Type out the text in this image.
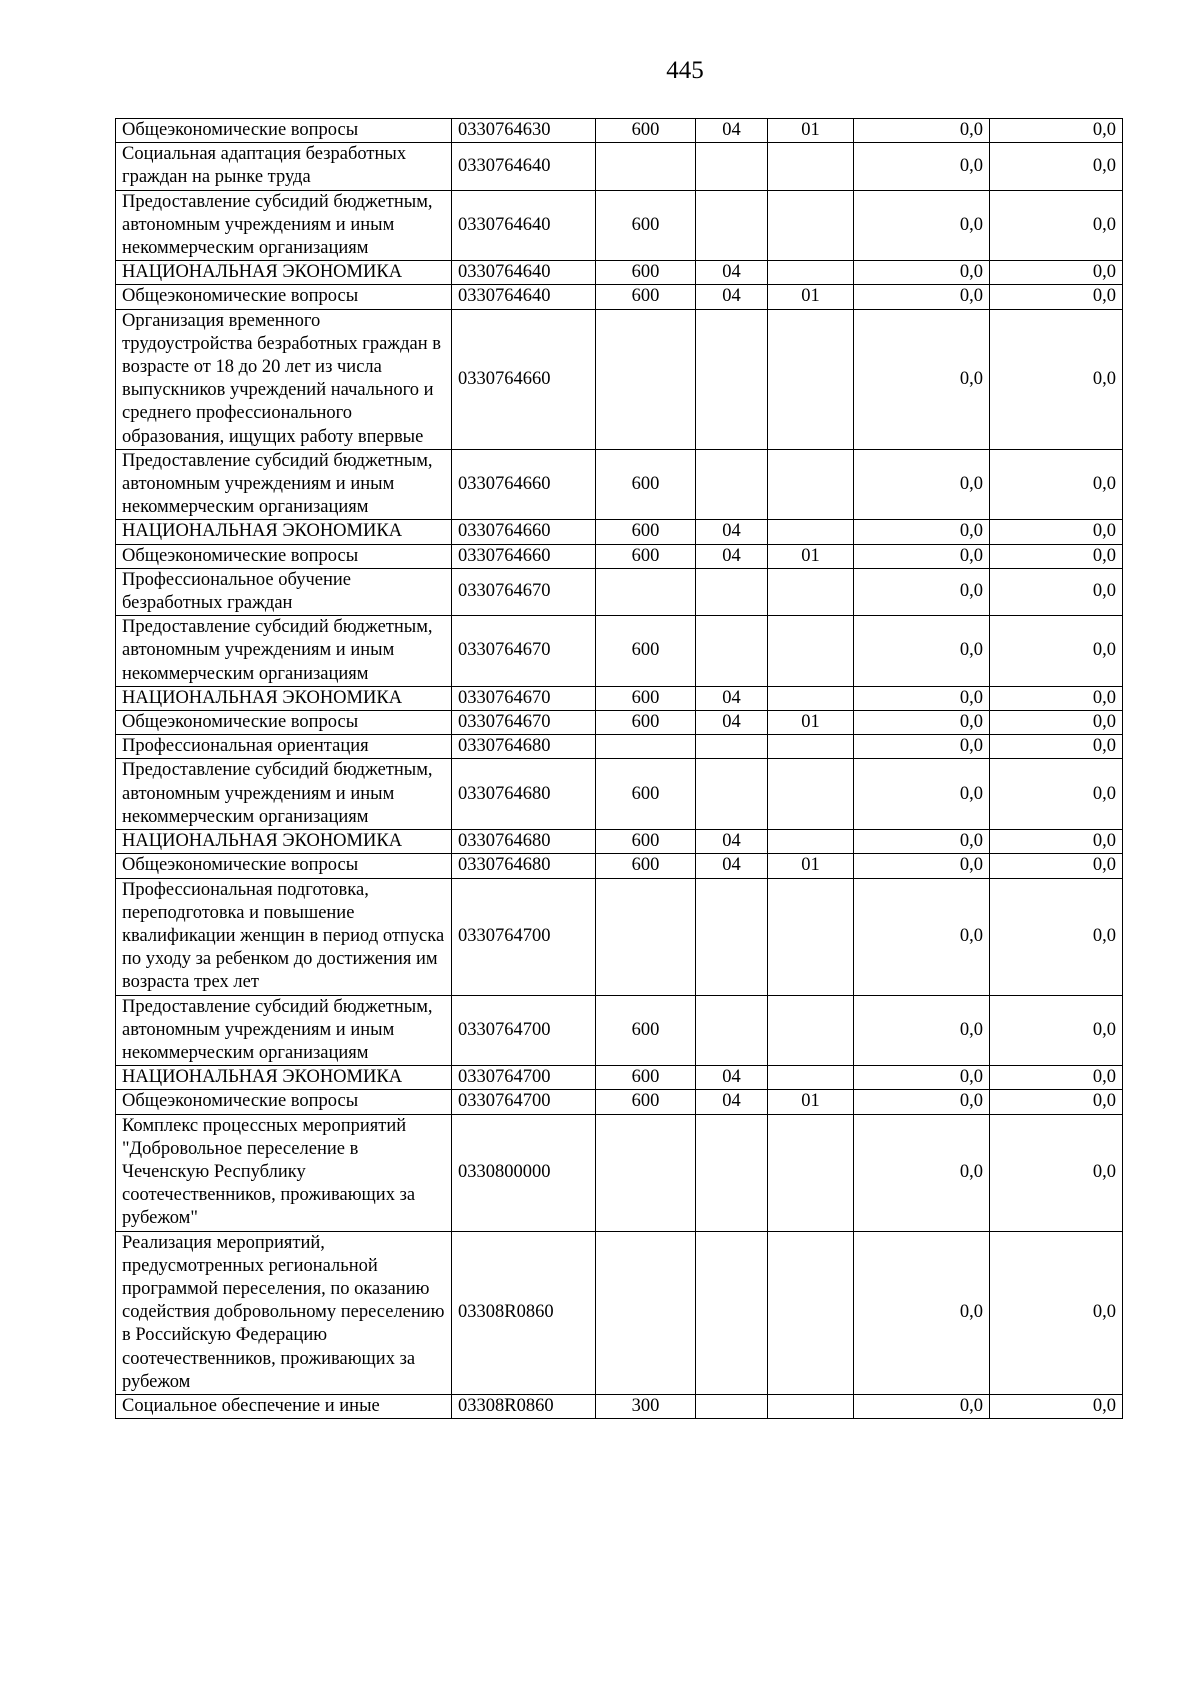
445
Общеэкономические вопросы	0330764630	600	04	01	0,0	0,0
Социальная адаптация безработных граждан на рынке труда	0330764640				0,0	0,0
Предоставление субсидий бюджетным, автономным учреждениям и иным некоммерческим организациям	0330764640	600			0,0	0,0
НАЦИОНАЛЬНАЯ ЭКОНОМИКА	0330764640	600	04		0,0	0,0
Общеэкономические вопросы	0330764640	600	04	01	0,0	0,0
Организация временного трудоустройства безработных граждан в возрасте от 18 до 20 лет из числа выпускников учреждений начального и среднего профессионального образования, ищущих работу впервые	0330764660				0,0	0,0
Предоставление субсидий бюджетным, автономным учреждениям и иным некоммерческим организациям	0330764660	600			0,0	0,0
НАЦИОНАЛЬНАЯ ЭКОНОМИКА	0330764660	600	04		0,0	0,0
Общеэкономические вопросы	0330764660	600	04	01	0,0	0,0
Профессиональное обучение безработных граждан	0330764670				0,0	0,0
Предоставление субсидий бюджетным, автономным учреждениям и иным некоммерческим организациям	0330764670	600			0,0	0,0
НАЦИОНАЛЬНАЯ ЭКОНОМИКА	0330764670	600	04		0,0	0,0
Общеэкономические вопросы	0330764670	600	04	01	0,0	0,0
Профессиональная ориентация	0330764680				0,0	0,0
Предоставление субсидий бюджетным, автономным учреждениям и иным некоммерческим организациям	0330764680	600			0,0	0,0
НАЦИОНАЛЬНАЯ ЭКОНОМИКА	0330764680	600	04		0,0	0,0
Общеэкономические вопросы	0330764680	600	04	01	0,0	0,0
Профессиональная подготовка, переподготовка и повышение квалификации женщин в период отпуска по уходу за ребенком до достижения им возраста трех лет	0330764700				0,0	0,0
Предоставление субсидий бюджетным, автономным учреждениям и иным некоммерческим организациям	0330764700	600			0,0	0,0
НАЦИОНАЛЬНАЯ ЭКОНОМИКА	0330764700	600	04		0,0	0,0
Общеэкономические вопросы	0330764700	600	04	01	0,0	0,0
Комплекс процессных мероприятий "Добровольное переселение в Чеченскую Республику соотечественников, проживающих за рубежом"	0330800000				0,0	0,0
Реализация мероприятий, предусмотренных региональной программой переселения, по оказанию содействия добровольному переселению в Российскую Федерацию соотечественников, проживающих за рубежом	03308R0860				0,0	0,0
Социальное обеспечение и иные	03308R0860	300			0,0	0,0
